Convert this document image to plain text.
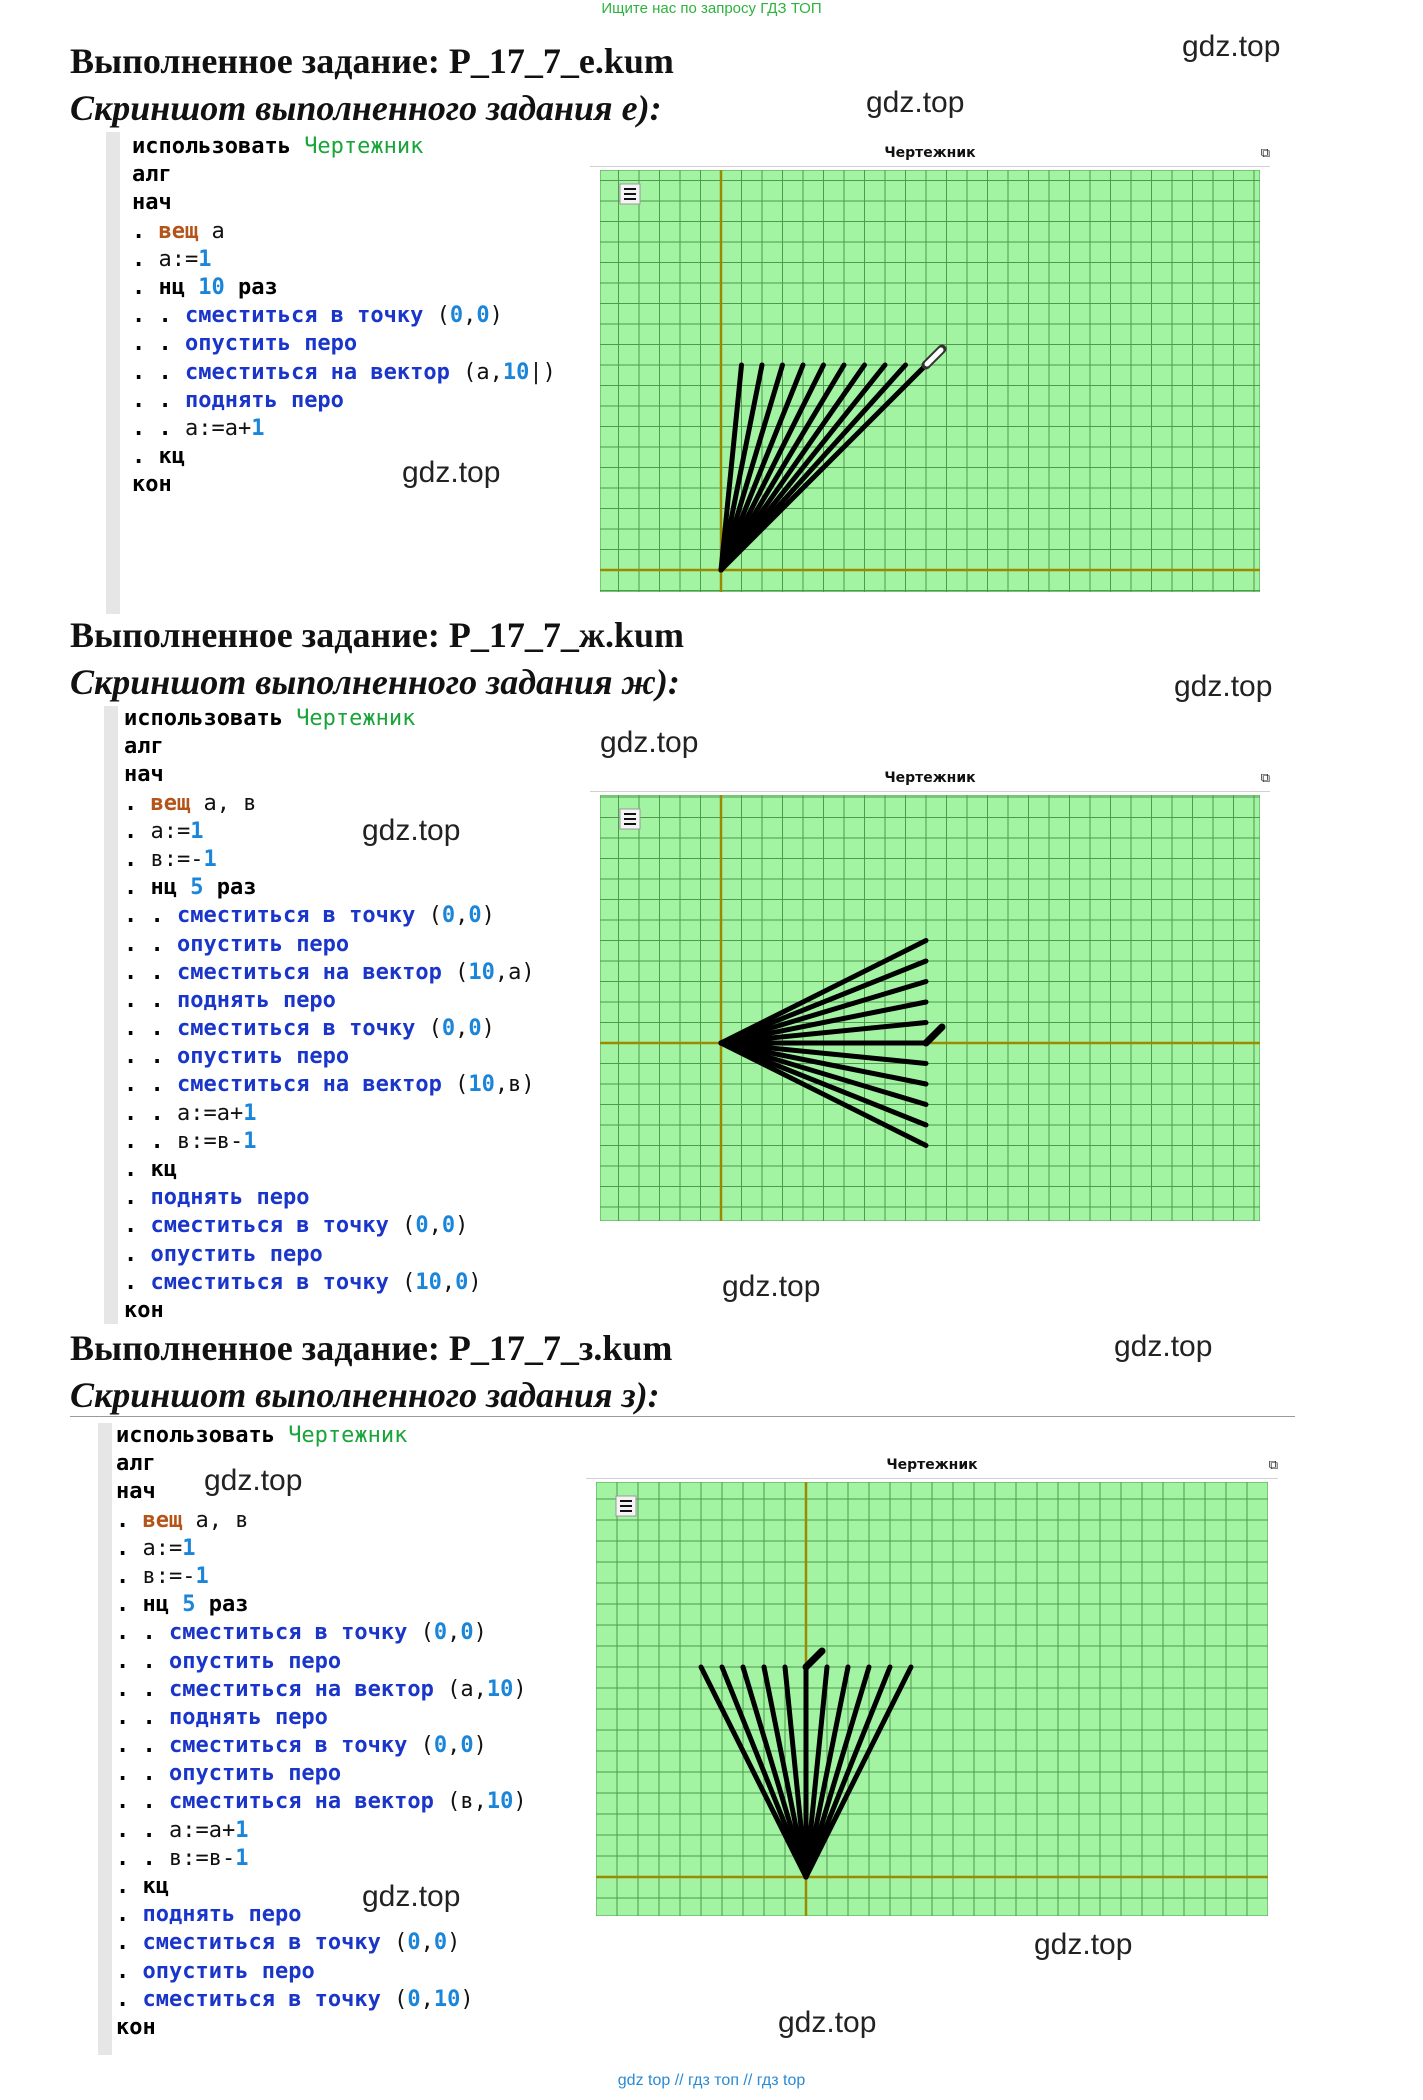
Ищите нас по запросу ГДЗ ТОП
Выполненное задание: Р_17_7_е.kum
Скриншот выполненного задания е):
использовать Чертежник
алг
нач
. вещ а
. а:=1
. нц 10 раз
. . сместиться в точку (0,0)
. . опустить перо
. . сместиться на вектор (а,10|)
. . поднять перо
. . а:=а+1
. кц
кон
Чертежник	⧉
Выполненное задание: Р_17_7_ж.kum
Скриншот выполненного задания ж):
использовать Чертежник
алг
нач
. вещ а, в
. а:=1
. в:=-1
. нц 5 раз
. . сместиться в точку (0,0)
. . опустить перо
. . сместиться на вектор (10,а)
. . поднять перо
. . сместиться в точку (0,0)
. . опустить перо
. . сместиться на вектор (10,в)
. . а:=а+1
. . в:=в-1
. кц
. поднять перо
. сместиться в точку (0,0)
. опустить перо
. сместиться в точку (10,0)
кон
Чертежник	⧉
Выполненное задание: Р_17_7_з.kum
Скриншот выполненного задания з):
использовать Чертежник
алг
нач
. вещ а, в
. а:=1
. в:=-1
. нц 5 раз
. . сместиться в точку (0,0)
. . опустить перо
. . сместиться на вектор (а,10)
. . поднять перо
. . сместиться в точку (0,0)
. . опустить перо
. . сместиться на вектор (в,10)
. . а:=а+1
. . в:=в-1
. кц
. поднять перо
. сместиться в точку (0,0)
. опустить перо
. сместиться в точку (0,10)
кон
Чертежник	⧉
gdz.top
gdz.top
gdz.top
gdz.top
gdz.top
gdz.top
gdz.top
gdz.top
gdz.top
gdz.top
gdz.top
gdz.top
gdz top // гдз топ // гдз top
